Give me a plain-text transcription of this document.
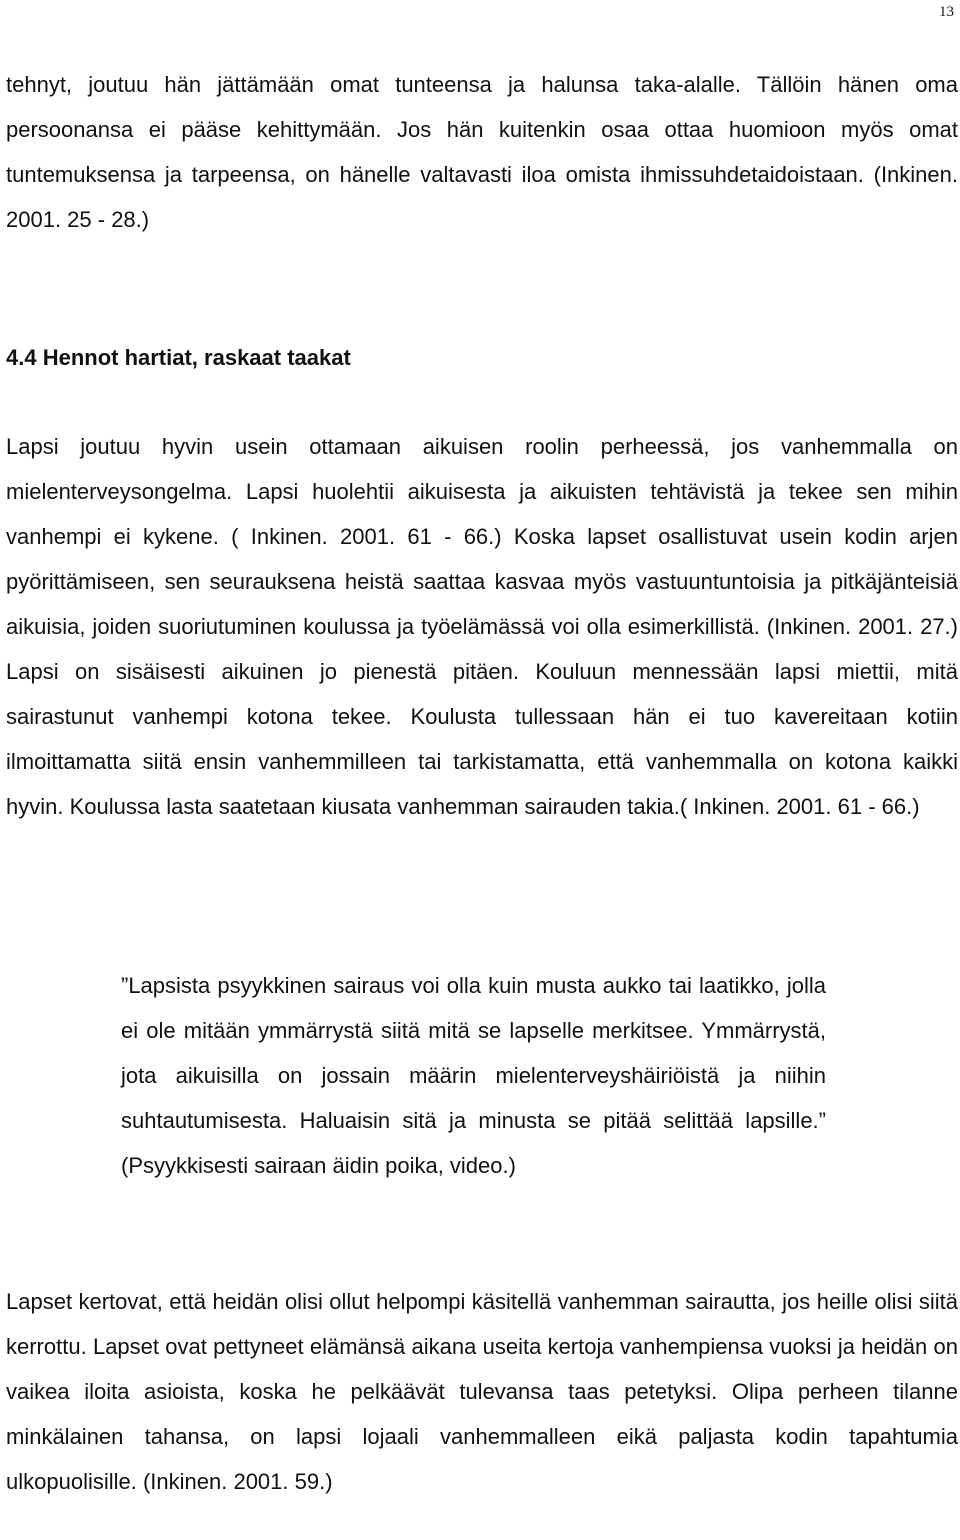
13

tehnyt, joutuu hän jättämään omat tunteensa ja halunsa taka-alalle. Tällöin hänen oma persoonansa ei pääse kehittymään. Jos hän kuitenkin osaa ottaa huomioon myös omat tuntemuksensa ja tarpeensa, on hänelle valtavasti iloa omista ihmissuhdetaidoistaan. (Inkinen. 2001. 25 - 28.)

4.4 Hennot hartiat, raskaat taakat

Lapsi joutuu hyvin usein ottamaan aikuisen roolin perheessä, jos vanhemmalla on mielenterveysongelma. Lapsi huolehtii aikuisesta ja aikuisten tehtävistä ja tekee sen mihin vanhempi ei kykene. ( Inkinen. 2001. 61 - 66.) Koska lapset osallistuvat usein kodin arjen pyörittämiseen, sen seurauksena heistä saattaa kasvaa myös vastuuntuntoisia ja pitkäjänteisiä aikuisia, joiden suoriutuminen koulussa ja työelämässä voi olla esimerkillistä. (Inkinen. 2001. 27.) Lapsi on sisäisesti aikuinen jo pienestä pitäen. Kouluun mennessään lapsi miettii, mitä sairastunut vanhempi kotona tekee. Koulusta tullessaan hän ei tuo kavereitaan kotiin ilmoittamatta siitä ensin vanhemmilleen tai tarkistamatta, että vanhemmalla on kotona kaikki hyvin. Koulussa lasta saatetaan kiusata vanhemman sairauden takia.( Inkinen. 2001. 61 - 66.)

”Lapsista psyykkinen sairaus voi olla kuin musta aukko tai laatikko, jolla ei ole mitään ymmärrystä siitä mitä se lapselle merkitsee. Ymmärrystä, jota aikuisilla on jossain määrin mielenterveyshäiriöistä ja niihin suhtautumisesta. Haluaisin sitä ja minusta se pitää selittää lapsille.” (Psyykkisesti sairaan äidin poika, video.)

Lapset kertovat, että heidän olisi ollut helpompi käsitellä vanhemman sairautta, jos heille olisi siitä kerrottu. Lapset ovat pettyneet elämänsä aikana useita kertoja vanhempiensa vuoksi ja heidän on vaikea iloita asioista, koska he pelkäävät tulevansa taas petetyksi. Olipa perheen tilanne minkälainen tahansa, on lapsi lojaali vanhemmalleen eikä paljasta kodin tapahtumia ulkopuolisille. (Inkinen. 2001. 59.)
